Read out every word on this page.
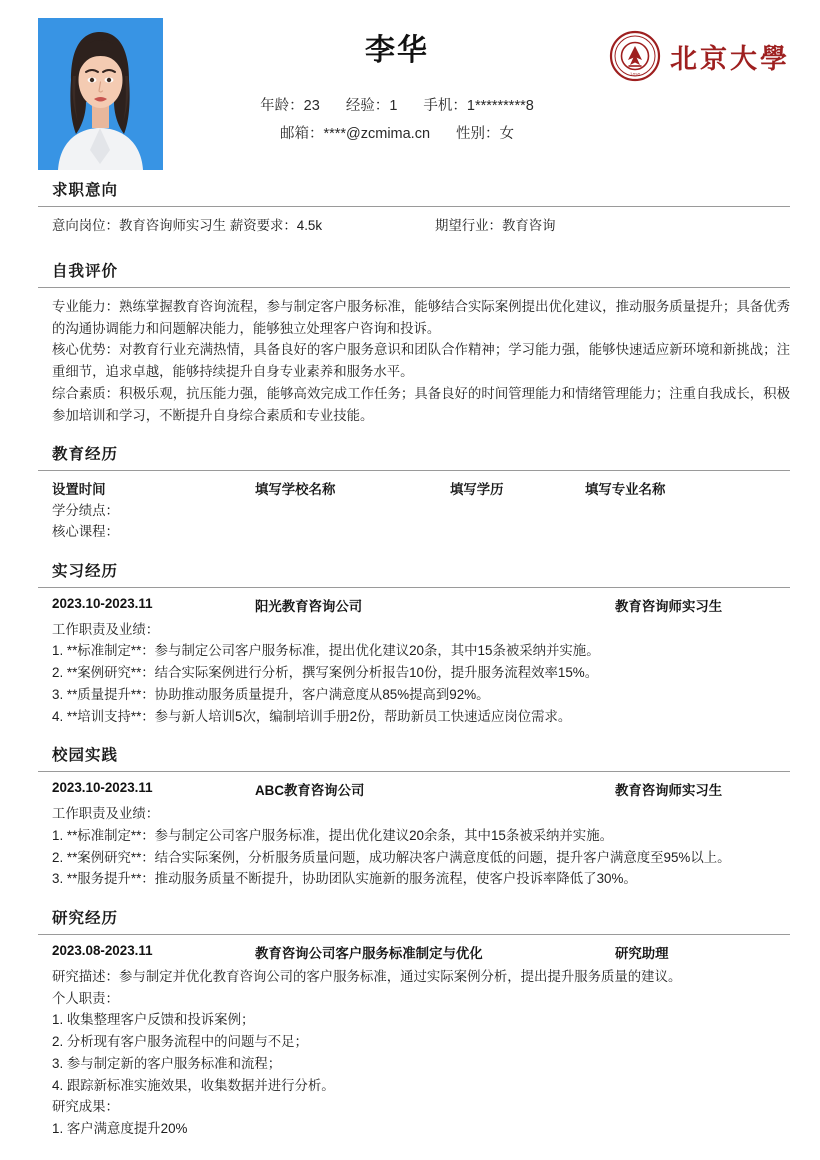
李华
年龄：23 经验：1 手机：1*********8
邮箱：****@zcmima.cn 性别：女
1898 北京大學
求职意向
意向岗位：教育咨询师实习生 薪资要求：4.5k	期望行业：教育咨询
自我评价

专业能力：熟练掌握教育咨询流程，参与制定客户服务标准，能够结合实际案例提出优化建议，推动服务质量提升；具备优秀的沟通协调能力和问题解决能力，能够独立处理客户咨询和投诉。

核心优势：对教育行业充满热情，具备良好的客户服务意识和团队合作精神；学习能力强，能够快速适应新环境和新挑战；注重细节，追求卓越，能够持续提升自身专业素养和服务水平。

综合素质：积极乐观，抗压能力强，能够高效完成工作任务；具备良好的时间管理能力和情绪管理能力；注重自我成长，积极参加培训和学习，不断提升自身综合素质和专业技能。

教育经历
设置时间	填写学校名称	填写学历	填写专业名称
学分绩点：
核心课程：
实习经历
2023.10-2023.11	阳光教育咨询公司	教育咨询师实习生
工作职责及业绩：
1. **标准制定**：参与制定公司客户服务标准，提出优化建议20条，其中15条被采纳并实施。
2. **案例研究**：结合实际案例进行分析，撰写案例分析报告10份，提升服务流程效率15%。
3. **质量提升**：协助推动服务质量提升，客户满意度从85%提高到92%。
4. **培训支持**：参与新人培训5次，编制培训手册2份，帮助新员工快速适应岗位需求。
校园实践
2023.10-2023.11	ABC教育咨询公司	教育咨询师实习生
工作职责及业绩：
1. **标准制定**：参与制定公司客户服务标准，提出优化建议20余条，其中15条被采纳并实施。
2. **案例研究**：结合实际案例，分析服务质量问题，成功解决客户满意度低的问题，提升客户满意度至95%以上。
3. **服务提升**：推动服务质量不断提升，协助团队实施新的服务流程，使客户投诉率降低了30%。
研究经历
2023.08-2023.11	教育咨询公司客户服务标准制定与优化	研究助理
研究描述：参与制定并优化教育咨询公司的客户服务标准，通过实际案例分析，提出提升服务质量的建议。
个人职责：
1. 收集整理客户反馈和投诉案例；
2. 分析现有客户服务流程中的问题与不足；
3. 参与制定新的客户服务标准和流程；
4. 跟踪新标准实施效果，收集数据并进行分析。
研究成果：
1. 客户满意度提升20%
